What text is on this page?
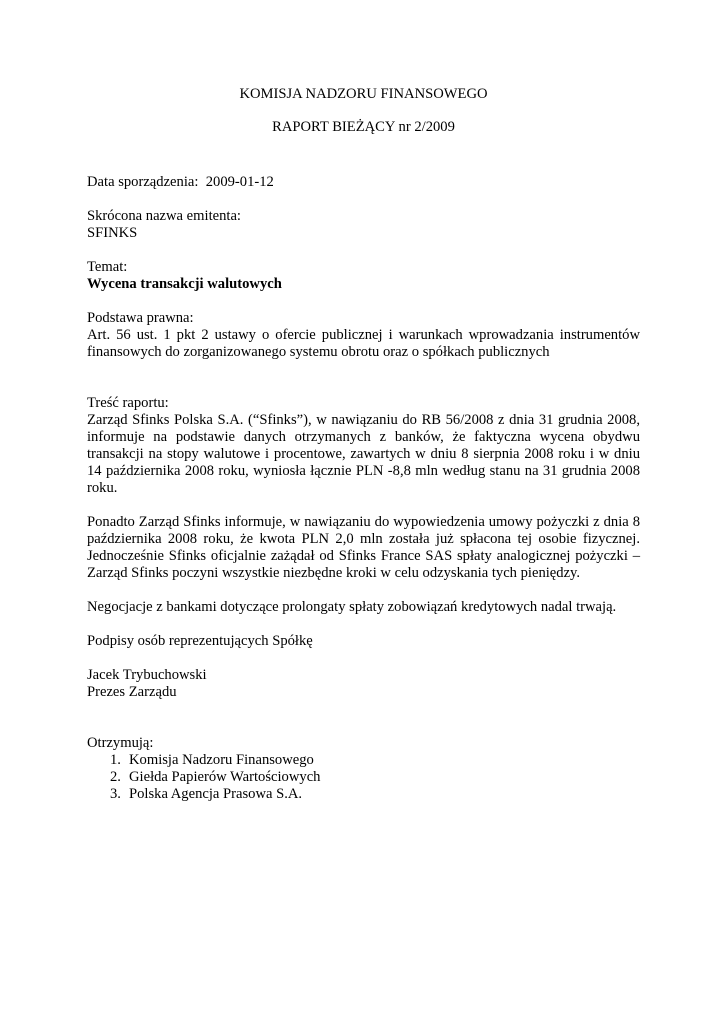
KOMISJA NADZORU FINANSOWEGO
RAPORT BIEŻĄCY nr 2/2009

Data sporządzenia: 2009-01-12

Skrócona nazwa emitenta:

SFINKS

Temat:

Wycena transakcji walutowych

Podstawa prawna:

Art. 56 ust. 1 pkt 2 ustawy o ofercie publicznej i warunkach wprowadzania instrumentów finansowych do zorganizowanego systemu obrotu oraz o spółkach publicznych

Treść raportu:

Zarząd Sfinks Polska S.A. (“Sfinks”), w nawiązaniu do RB 56/2008 z dnia 31 grudnia 2008, informuje na podstawie danych otrzymanych z banków, że faktyczna wycena obydwu transakcji na stopy walutowe i procentowe, zawartych w dniu 8 sierpnia 2008 roku i w dniu 14 października 2008 roku, wyniosła łącznie PLN -8,8 mln według stanu na 31 grudnia 2008 roku.

Ponadto Zarząd Sfinks informuje, w nawiązaniu do wypowiedzenia umowy pożyczki z dnia 8 października 2008 roku, że kwota PLN 2,0 mln została już spłacona tej osobie fizycznej. Jednocześnie Sfinks oficjalnie zażądał od Sfinks France SAS spłaty analogicznej pożyczki – Zarząd Sfinks poczyni wszystkie niezbędne kroki w celu odzyskania tych pieniędzy.

Negocjacje z bankami dotyczące prolongaty spłaty zobowiązań kredytowych nadal trwają.

Podpisy osób reprezentujących Spółkę

Jacek Trybuchowski

Prezes Zarządu

Otrzymują:

1. Komisja Nadzoru Finansowego
2. Giełda Papierów Wartościowych
3. Polska Agencja Prasowa S.A.
